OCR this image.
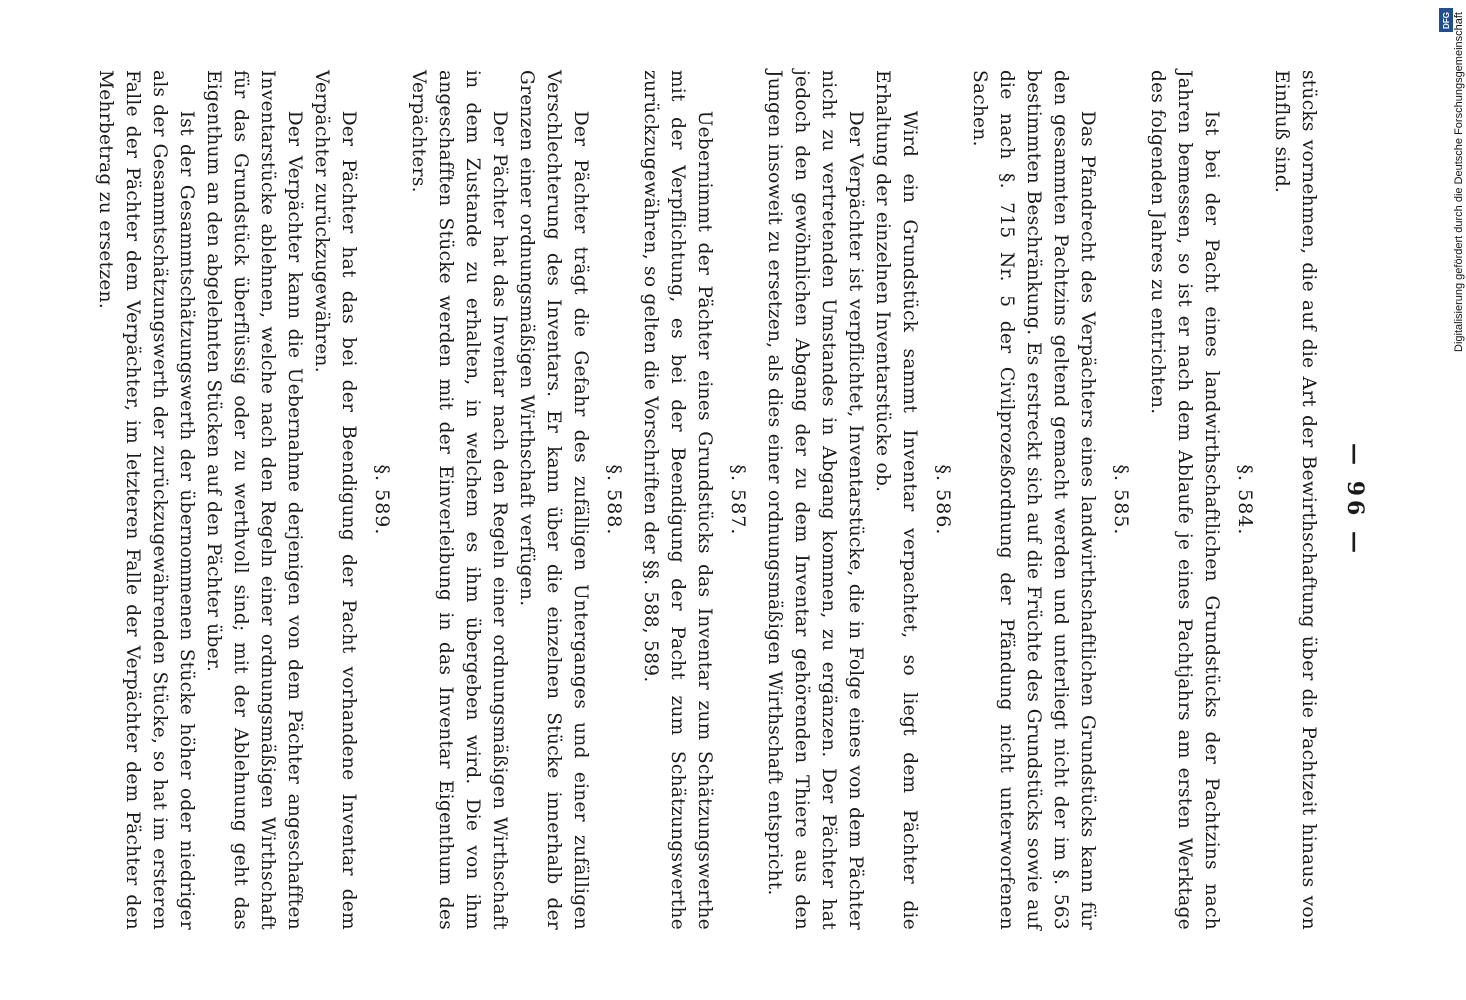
— 96 —

stücks vornehmen, die auf die Art der Bewirthschaftung über die Pachtzeit hinaus von Einfluß sind.

§. 584.

Ist bei der Pacht eines landwirthschaftlichen Grundstücks der Pachtzins nach Jahren bemessen, so ist er nach dem Ablaufe je eines Pachtjahrs am ersten Werktage des folgenden Jahres zu entrichten.

§. 585.

Das Pfandrecht des Verpächters eines landwirthschaftlichen Grundstücks kann für den gesammten Pachtzins geltend gemacht werden und unterliegt nicht der im §. 563 bestimmten Beschränkung. Es erstreckt sich auf die Früchte des Grundstücks sowie auf die nach §. 715 Nr. 5 der Civilprozeßordnung der Pfändung nicht unterworfenen Sachen.

§. 586.

Wird ein Grundstück sammt Inventar verpachtet, so liegt dem Pächter die Erhaltung der einzelnen Inventarstücke ob.

Der Verpächter ist verpflichtet, Inventarstücke, die in Folge eines von dem Pächter nicht zu vertretenden Umstandes in Abgang kommen, zu ergänzen. Der Pächter hat jedoch den gewöhnlichen Abgang der zu dem Inventar gehörenden Thiere aus den Jungen insoweit zu ersetzen, als dies einer ordnungsmäßigen Wirthschaft entspricht.

§. 587.

Uebernimmt der Pächter eines Grundstücks das Inventar zum Schätzungswerthe mit der Verpflichtung, es bei der Beendigung der Pacht zum Schätzungswerthe zurückzugewähren, so gelten die Vorschriften der §§. 588, 589.

§. 588.

Der Pächter trägt die Gefahr des zufälligen Unterganges und einer zufälligen Verschlechterung des Inventars. Er kann über die einzelnen Stücke innerhalb der Grenzen einer ordnungsmäßigen Wirthschaft verfügen.

Der Pächter hat das Inventar nach den Regeln einer ordnungsmäßigen Wirthschaft in dem Zustande zu erhalten, in welchem es ihm übergeben wird. Die von ihm angeschafften Stücke werden mit der Einverleibung in das Inventar Eigenthum des Verpächters.

§. 589.

Der Pächter hat das bei der Beendigung der Pacht vorhandene Inventar dem Verpächter zurückzugewähren.

Der Verpächter kann die Uebernahme derjenigen von dem Pächter angeschafften Inventarstücke ablehnen, welche nach den Regeln einer ordnungsmäßigen Wirthschaft für das Grundstück überflüssig oder zu werthvoll sind; mit der Ablehnung geht das Eigenthum an den abgelehnten Stücken auf den Pächter über.

Ist der Gesammtschätzungswerth der übernommenen Stücke höher oder niedriger als der Gesammtschätzungswerth der zurückzugewährenden Stücke, so hat im ersteren Falle der Pächter dem Verpächter, im letzteren Falle der Verpächter dem Pächter den Mehrbetrag zu ersetzen.

DFG Digitalisierung gefördert durch die Deutsche Forschungsgemeinschaft
